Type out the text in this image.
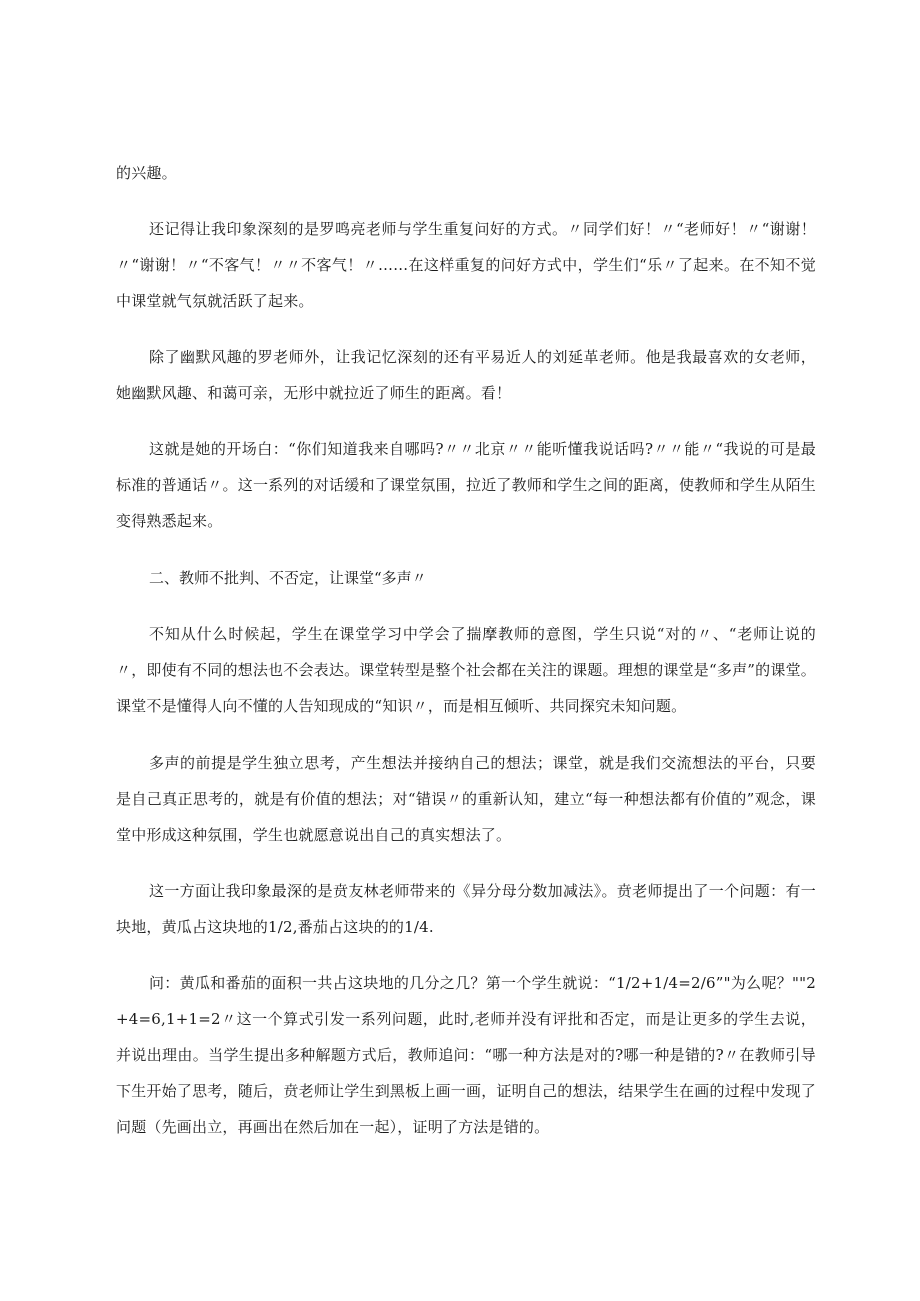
的兴趣。

还记得让我印象深刻的是罗鸣亮老师与学生重复问好的方式。〃同学们好！〃“老师好！〃“谢谢！〃“谢谢！〃“不客气！〃〃不客气！〃……在这样重复的问好方式中，学生们“乐〃了起来。在不知不觉中课堂就气氛就活跃了起来。

除了幽默风趣的罗老师外，让我记忆深刻的还有平易近人的刘延革老师。他是我最喜欢的女老师，她幽默风趣、和蔼可亲，无形中就拉近了师生的距离。看！

这就是她的开场白：“你们知道我来自哪吗?〃〃北京〃〃能听懂我说话吗?〃〃能〃“我说的可是最标准的普通话〃。这一系列的对话缓和了课堂氛围，拉近了教师和学生之间的距离，使教师和学生从陌生变得熟悉起来。

二、教师不批判、不否定，让课堂“多声〃

不知从什么时候起，学生在课堂学习中学会了揣摩教师的意图，学生只说“对的〃、“老师让说的〃，即使有不同的想法也不会表达。课堂转型是整个社会都在关注的课题。理想的课堂是“多声”的课堂。课堂不是懂得人向不懂的人告知现成的“知识〃，而是相互倾听、共同探究未知问题。

多声的前提是学生独立思考，产生想法并接纳自己的想法；课堂，就是我们交流想法的平台，只要是自己真正思考的，就是有价值的想法；对“错误〃的重新认知，建立“每一种想法都有价值的”观念，课堂中形成这种氛围，学生也就愿意说出自己的真实想法了。

这一方面让我印象最深的是贲友林老师带来的《异分母分数加减法》。贲老师提出了一个问题：有一块地，黄瓜占这块地的1/2,番茄占这块的的1/4.

问：黄瓜和番茄的面积一共占这块地的几分之几？第一个学生就说：“1/2+1/4=2/6”"为么呢？""2+4=6,1+1=2〃这一个算式引发一系列问题，此时,老师并没有评批和否定，而是让更多的学生去说，并说出理由。当学生提出多种解题方式后，教师追问：“哪一种方法是对的?哪一种是错的?〃在教师引导下生开始了思考，随后，贲老师让学生到黑板上画一画，证明自己的想法，结果学生在画的过程中发现了问题（先画出立，再画出在然后加在一起），证明了方法是错的。
